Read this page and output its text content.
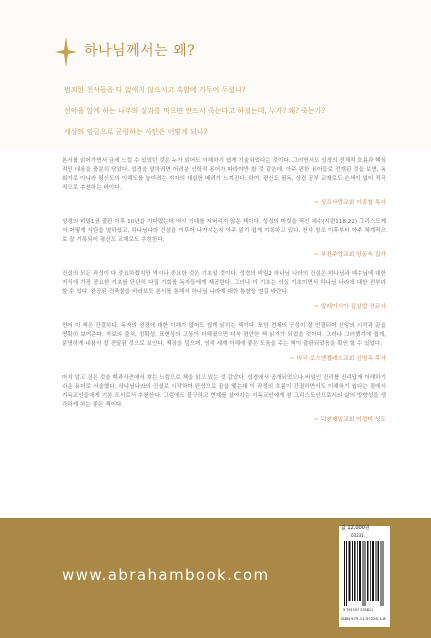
하나님께서는 왜?
범죄한 천사들을 다 없애지 않으시고 흑암에 가두어 두셨나?
선악을 알게 하는 나무의 실과를 먹으면 반드시 죽는다고 하셨는데, 누가? 왜? 죽는가?
세상의 임금으로 군림하는 사탄은 어떻게 되나?

본서를 읽어가면서 금세 느낄 수 있었던 것은 누가 읽어도 이해하기 쉽게 기술되었다는 것이다. 그러면서도 성경의 전체적 흐름과 핵심적인 내용을 충분히 담았다. 성경을 말하려면 어려운 신학적 용어가 따라야만 할 것 같은데, 아주 편한 용어들로 전개된 것을 보면, 독회자로 아니라 평신도의 이해도를 높이려는 저자의 세심한 배려가 느껴진다. 하여, 평신도 필독, 성경 공부 교재로도 손색이 없어 적극적으로 추천하는 바이다.

~ 상프사랑교회 이종철 목사

성경의 비밀1권 출판 이후 10년을 기다렸는데 역시 기대를 저버리지 않은 책이다. 성경의 머릿을 찍신 에수(시편118:22) 그리스도께서 어떻게 사탄을 멸하셨고, 하나님나라 건설을 이루어 나가시는지 아주 읽기 쉽게 기록하고 있다. 천사 창조 이후부터 아주 체계적으로 잘 기록되어 평신도 교재로도 추천한다.

~ 부천주양교회 양동욱 집사

건설의 모든 과정이 다 중요하겠지만 역시나 중요한 것은 기초일 것이다. 성경의 비밀2 하나님 나라의 건설은 하나님과 예수님에 대한 지식에 가장 중요한 기초를 단단히 다질 기회를 독자들에게 제공한다. 그러나 이 기초는 사실 기초이면서 하나님 나라에 대한 전부라 할 수 있다. 완공된 건축물을 바라보듯 본서를 통해서 하나님 나라에 대한 통찰을 얻길 바란다.

~ 말레이시아 김상업 선교사

먼저 이 책은 간결하다. 독자의 성경에 대한 이해가 없어도 쉽게 읽히는 책이다. 또한 전체의 구성이 잘 연결되어 신앙의 시작과 끝을 명확히 보여준다. 자료의 출처, 정확성, 표현상의 고통이 더해졌으면 더욱 평안한 책 읽기가 되었을 것이다. 그러나 그러했기에 쉽게, 분명하게 내용이 잘 전달된 것으로 보인다. 책장을 덮으며, 영적 세계 이해에 좋은 도움을 주는 책이 출판되었음을 확인 할 수 있었다.

~ 미국 로스앤젤레스교회 신명옥 목사

마치 알고 싶은 것을 백과사전에서 찾는 느낌으로 책을 읽고 있는 것 같았다. 성경에서 공개되었으나 비밀인 진리를 진리답게 이해하기 쉬운 용어로 서술했다. 하나님나라의 건설로 시작하여 완성으로 끝을 맺는데 이 과정의 흐름이 간결하면서도 이해하기 쉽다는 점에서 기독교인들에게 기본 도서로서 추천한다. 그럼에도 불구하고 현재를 살아가는 기독교인에게 참 그리스도인으로서의 삶의 방향성을 생각하게 하는 좋은 책이다.

~ 덕천제일교회 이정미 성도
www.abrahambook.com
값 12,000원
03231
9 791197 235811
ISBN 979-11-97235-1-8
